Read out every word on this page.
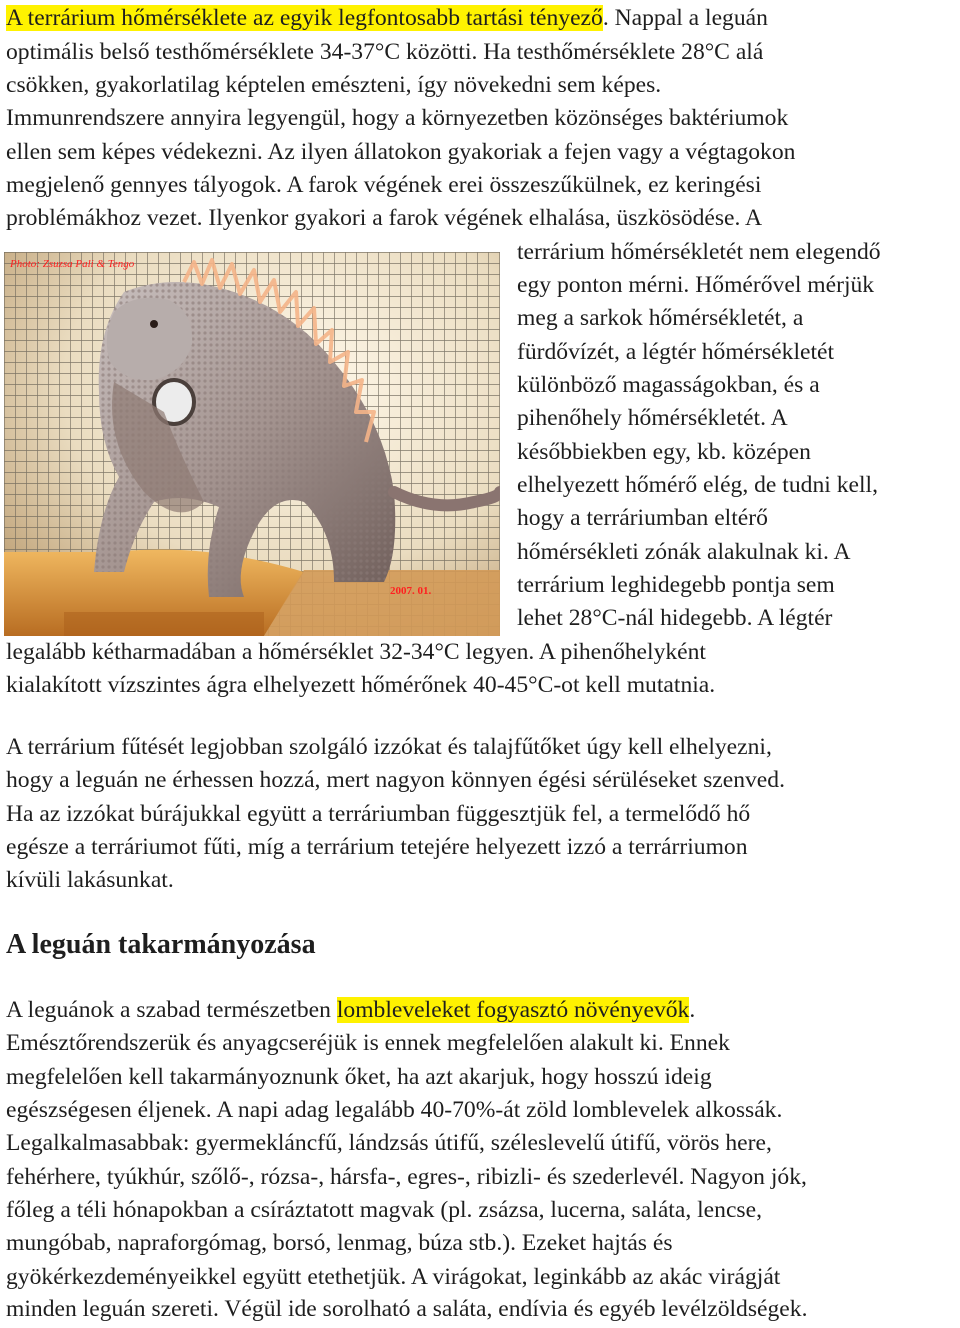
A terrárium hőmérséklete az egyik legfontosabb tartási tényező. Nappal a leguán

optimális belső testhőmérséklete 34-37°C közötti. Ha testhőmérséklete 28°C alá

csökken, gyakorlatilag képtelen emészteni, így növekedni sem képes.

Immunrendszere annyira legyengül, hogy a környezetben közönséges baktériumok

ellen sem képes védekezni. Az ilyen állatokon gyakoriak a fejen vagy a végtagokon

megjelenő gennyes tályogok. A farok végének erei összeszűkülnek, ez keringési

problémákhoz vezet. Ilyenkor gyakori a farok végének elhalása, üszkösödése. A

terrárium hőmérsékletét nem elegendő

egy ponton mérni. Hőmérővel mérjük

meg a sarkok hőmérsékletét, a

fürdővízét, a légtér hőmérsékletét

különböző magasságokban, és a

pihenőhely hőmérsékletét. A

későbbiekben egy, kb. középen

elhelyezett hőmérő elég, de tudni kell,

hogy a terráriumban eltérő

hőmérsékleti zónák alakulnak ki. A

terrárium leghidegebb pontja sem

lehet 28°C-nál hidegebb. A légtér

legalább kétharmadában a hőmérséklet 32-34°C legyen. A pihenőhelyként

kialakított vízszintes ágra elhelyezett hőmérőnek 40-45°C-ot kell mutatnia.

Photo: Zsuzsa Pali & Tengo
2007. 01.

A terrárium fűtését legjobban szolgáló izzókat és talajfűtőket úgy kell elhelyezni,

hogy a leguán ne érhessen hozzá, mert nagyon könnyen égési sérüléseket szenved.

Ha az izzókat búrájukkal együtt a terráriumban függesztjük fel, a termelődő hő

egésze a terráriumot fűti, míg a terrárium tetejére helyezett izzó a terrárriumon

kívüli lakásunkat.

A leguán takarmányozása

A leguánok a szabad természetben lombleveleket fogyasztó növényevők.

Emésztőrendszerük és anyagcseréjük is ennek megfelelően alakult ki. Ennek

megfelelően kell takarmányoznunk őket, ha azt akarjuk, hogy hosszú ideig

egészségesen éljenek. A napi adag legalább 40-70%-át zöld lomblevelek alkossák.

Legalkalmasabbak: gyermekláncfű, lándzsás útifű, széleslevelű útifű, vörös here,

fehérhere, tyúkhúr, szőlő-, rózsa-, hársfa-, egres-, ribizli- és szederlevél. Nagyon jók,

főleg a téli hónapokban a csíráztatott magvak (pl. zsázsa, lucerna, saláta, lencse,

mungóbab, napraforgómag, borsó, lenmag, búza stb.). Ezeket hajtás és

gyökérkezdeményeikkel együtt etethetjük. A virágokat, leginkább az akác virágját

minden leguán szereti. Végül ide sorolható a saláta, endívia és egyéb levélzöldségek.
